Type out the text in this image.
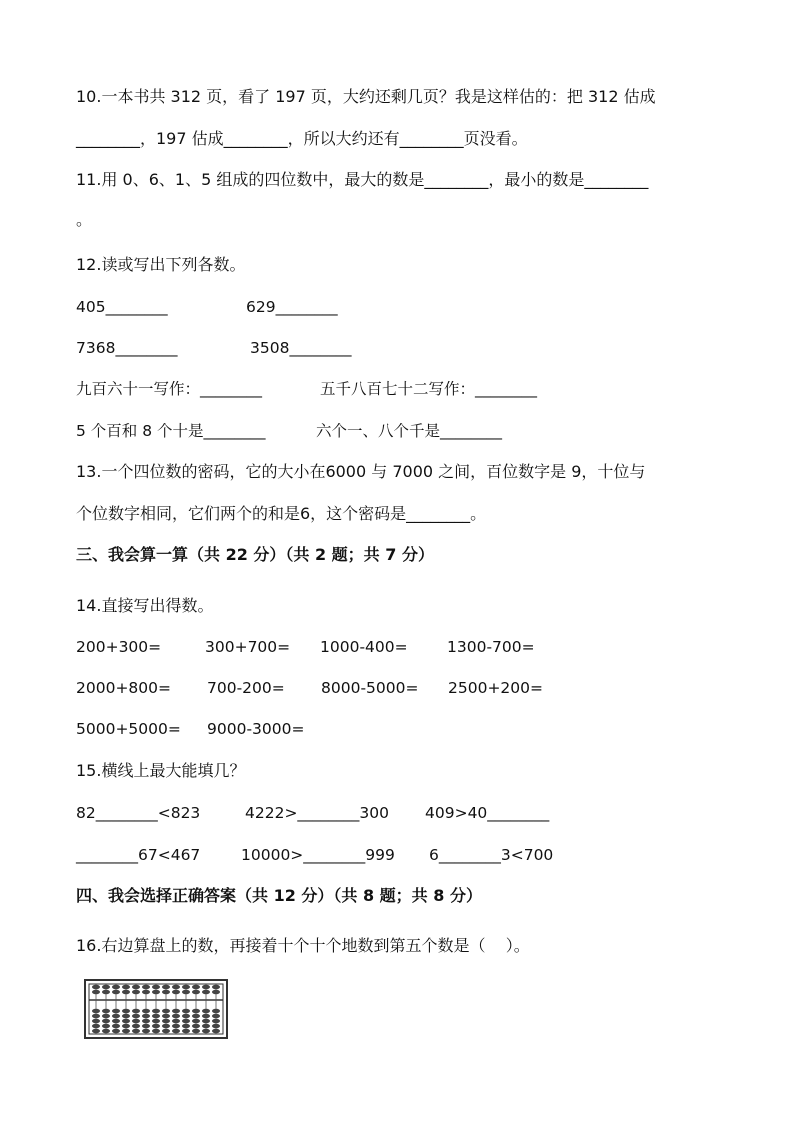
10.一本书共 312 页，看了 197 页，大约还剩几页？我是这样估的：把 312 估成
________，197 估成________，所以大约还有________页没看。
11.用 0、6、1、5 组成的四位数中，最大的数是________，最小的数是________
。
12.读或写出下列各数。
405________	629________
7368________	3508________
九百六十一写作：________	五千八百七十二写作：________
5 个百和 8 个十是________	六个一、八个千是________
13.一个四位数的密码，它的大小在6000 与 7000 之间，百位数字是 9，十位与
个位数字相同，它们两个的和是6，这个密码是________。
三、我会算一算（共 22 分）（共 2 题；共 7 分）
14.直接写出得数。
200+300=	300+700= 1000-400=	1300-700=
2000+800= 700-200= 8000-5000= 2500+200=
5000+5000= 9000-3000=
15.横线上最大能填几？
82________<823	4222>________300 409>40________
________67<467	10000>________999 6________3<700
四、我会选择正确答案（共 12 分）（共 8 题；共 8 分）
16.右边算盘上的数，再接着十个十个地数到第五个数是（    ）。
